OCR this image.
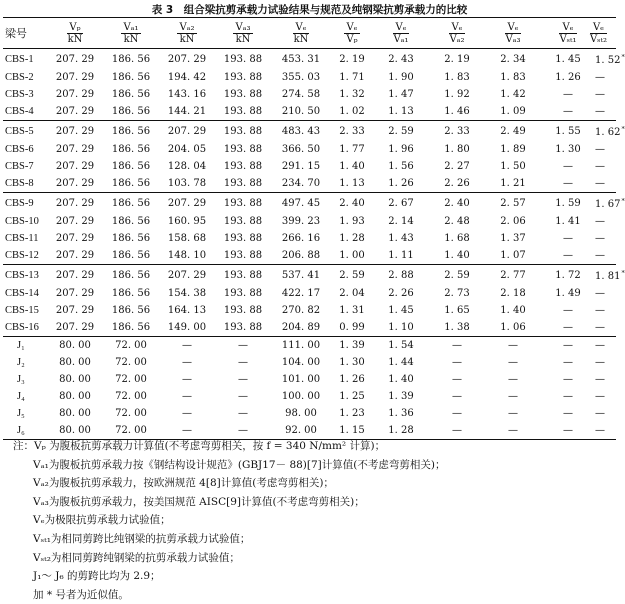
表 3　组合梁抗剪承载力试验结果与规范及纯钢梁抗剪承载力的比较
梁号	$\frac{\text{Vₚ}}{kN}$	$\frac{\text{Vₐ₁}}{kN}$	$\frac{\text{Vₐ₂}}{kN}$	$\frac{\text{Vₐ₃}}{kN}$	$\frac{\text{Vₑ}}{kN}$	$\frac{\text{Vₑ}}{\text{Vₚ}}$	$\frac{\text{Vₑ}}{\text{Vₐ₁}}$	$\frac{\text{Vₑ}}{\text{Vₐ₂}}$	$\frac{\text{Vₑ}}{\text{Vₐ₃}}$	$\frac{\text{Vₑ}}{\text{Vₛₜ₁}}$	$\frac{\text{Vₑ}}{\text{Vₛₜ₂}}$

CBS-1	207. 29	186. 56	207. 29	193. 88	453. 31	2. 19	2. 43	2. 19	2. 34	1. 45	1. 52*
CBS-2	207. 29	186. 56	194. 42	193. 88	355. 03	1. 71	1. 90	1. 83	1. 83	1. 26	—
CBS-3	207. 29	186. 56	143. 16	193. 88	274. 58	1. 32	1. 47	1. 92	1. 42	—	—
CBS-4	207. 29	186. 56	144. 21	193. 88	210. 50	1. 02	1. 13	1. 46	1. 09	—	—
CBS-5	207. 29	186. 56	207. 29	193. 88	483. 43	2. 33	2. 59	2. 33	2. 49	1. 55	1. 62*
CBS-6	207. 29	186. 56	204. 05	193. 88	366. 50	1. 77	1. 96	1. 80	1. 89	1. 30	—
CBS-7	207. 29	186. 56	128. 04	193. 88	291. 15	1. 40	1. 56	2. 27	1. 50	—	—
CBS-8	207. 29	186. 56	103. 78	193. 88	234. 70	1. 13	1. 26	2. 26	1. 21	—	—
CBS-9	207. 29	186. 56	207. 29	193. 88	497. 45	2. 40	2. 67	2. 40	2. 57	1. 59	1. 67*
CBS-10	207. 29	186. 56	160. 95	193. 88	399. 23	1. 93	2. 14	2. 48	2. 06	1. 41	—
CBS-11	207. 29	186. 56	158. 68	193. 88	266. 16	1. 28	1. 43	1. 68	1. 37	—	—
CBS-12	207. 29	186. 56	148. 10	193. 88	206. 88	1. 00	1. 11	1. 40	1. 07	—	—
CBS-13	207. 29	186. 56	207. 29	193. 88	537. 41	2. 59	2. 88	2. 59	2. 77	1. 72	1. 81*
CBS-14	207. 29	186. 56	154. 38	193. 88	422. 17	2. 04	2. 26	2. 73	2. 18	1. 49	—
CBS-15	207. 29	186. 56	164. 13	193. 88	270. 82	1. 31	1. 45	1. 65	1. 40	—	—
CBS-16	207. 29	186. 56	149. 00	193. 88	204. 89	0. 99	1. 10	1. 38	1. 06	—	—
J₁	80. 00	72. 00	—	—	111. 00	1. 39	1. 54	—	—	—	—
J₂	80. 00	72. 00	—	—	104. 00	1. 30	1. 44	—	—	—	—
J₃	80. 00	72. 00	—	—	101. 00	1. 26	1. 40	—	—	—	—
J₄	80. 00	72. 00	—	—	100. 00	1. 25	1. 39	—	—	—	—
J₅	80. 00	72. 00	—	—	98. 00	1. 23	1. 36	—	—	—	—
J₆	80. 00	72. 00	—	—	92. 00	1. 15	1. 28	—	—	—	—
注：Vₚ 为腹板抗剪承载力计算值(不考虑弯剪相关，按 f = 340 N/mm² 计算)；
Vₐ₁为腹板抗剪承载力按《钢结构设计规范》(GBJ17－ 88)[7]计算值(不考虑弯剪相关)；
Vₐ₂为腹板抗剪承载力，按欧洲规范 4[8]计算值(考虑弯剪相关)；
Vₐ₃为腹板抗剪承载力，按美国规范 AISC[9]计算值(不考虑弯剪相关)；
Vₑ为极限抗剪承载力试验值；
Vₛₜ₁为相同剪跨比纯钢梁的抗剪承载力试验值；
Vₛₜ₂为相同剪跨纯钢梁的抗剪承载力试验值；
J₁～ J₆ 的剪跨比均为 2.9；
加 * 号者为近似值。
